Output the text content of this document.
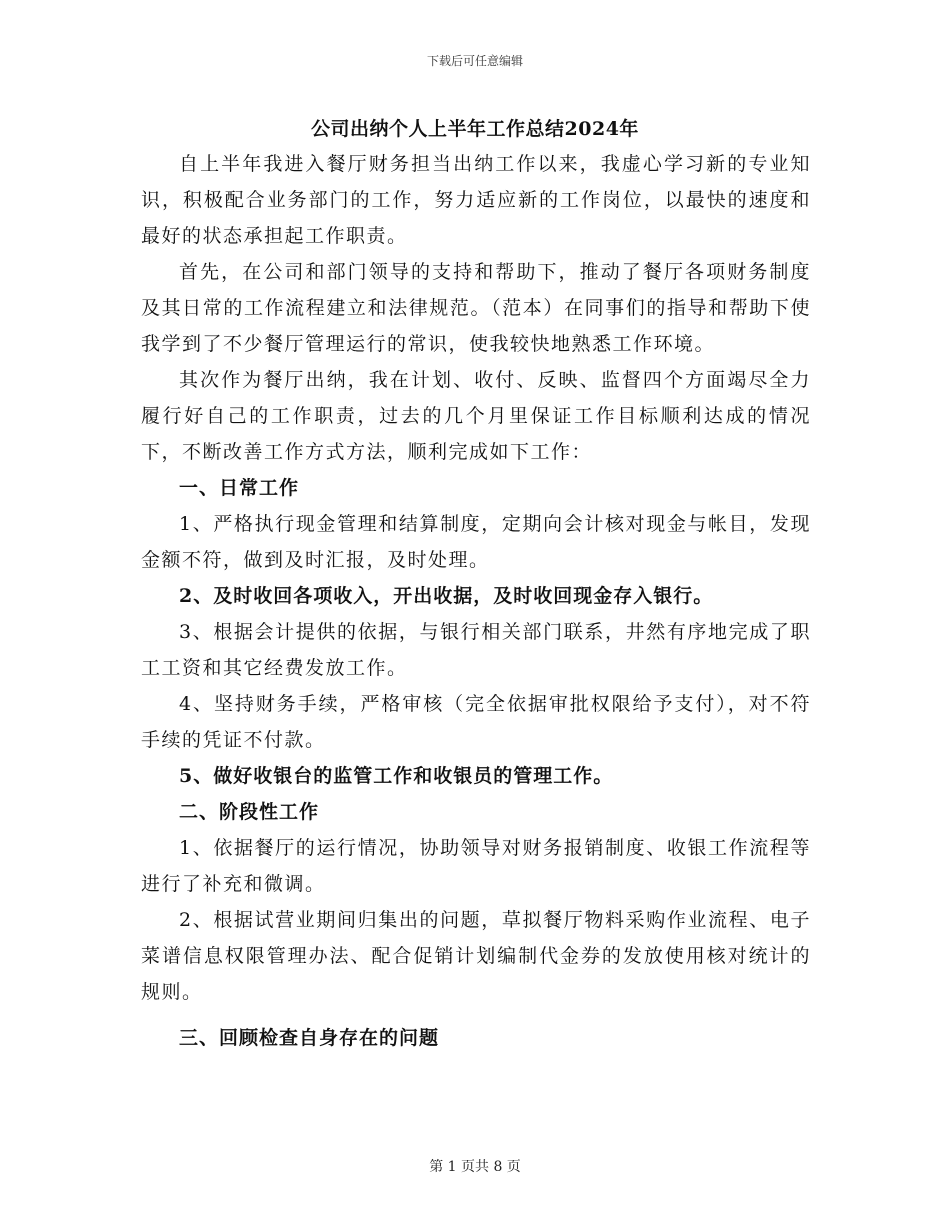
下载后可任意编辑
公司出纳个人上半年工作总结2024年

自上半年我进入餐厅财务担当出纳工作以来，我虚心学习新的专业知识，积极配合业务部门的工作，努力适应新的工作岗位，以最快的速度和最好的状态承担起工作职责。

首先，在公司和部门领导的支持和帮助下，推动了餐厅各项财务制度及其日常的工作流程建立和法律规范。（范本）在同事们的指导和帮助下使我学到了不少餐厅管理运行的常识，使我较快地熟悉工作环境。

其次作为餐厅出纳，我在计划、收付、反映、监督四个方面竭尽全力履行好自己的工作职责，过去的几个月里保证工作目标顺利达成的情况下，不断改善工作方式方法，顺利完成如下工作：

一、日常工作

1、严格执行现金管理和结算制度，定期向会计核对现金与帐目，发现金额不符，做到及时汇报，及时处理。

2、及时收回各项收入，开出收据，及时收回现金存入银行。

3、根据会计提供的依据，与银行相关部门联系，井然有序地完成了职工工资和其它经费发放工作。

4、坚持财务手续，严格审核（完全依据审批权限给予支付），对不符手续的凭证不付款。

5、做好收银台的监管工作和收银员的管理工作。

二、阶段性工作

1、依据餐厅的运行情况，协助领导对财务报销制度、收银工作流程等进行了补充和微调。

2、根据试营业期间归集出的问题，草拟餐厅物料采购作业流程、电子菜谱信息权限管理办法、配合促销计划编制代金券的发放使用核对统计的规则。

三、回顾检查自身存在的问题

第 1 页共 8 页
